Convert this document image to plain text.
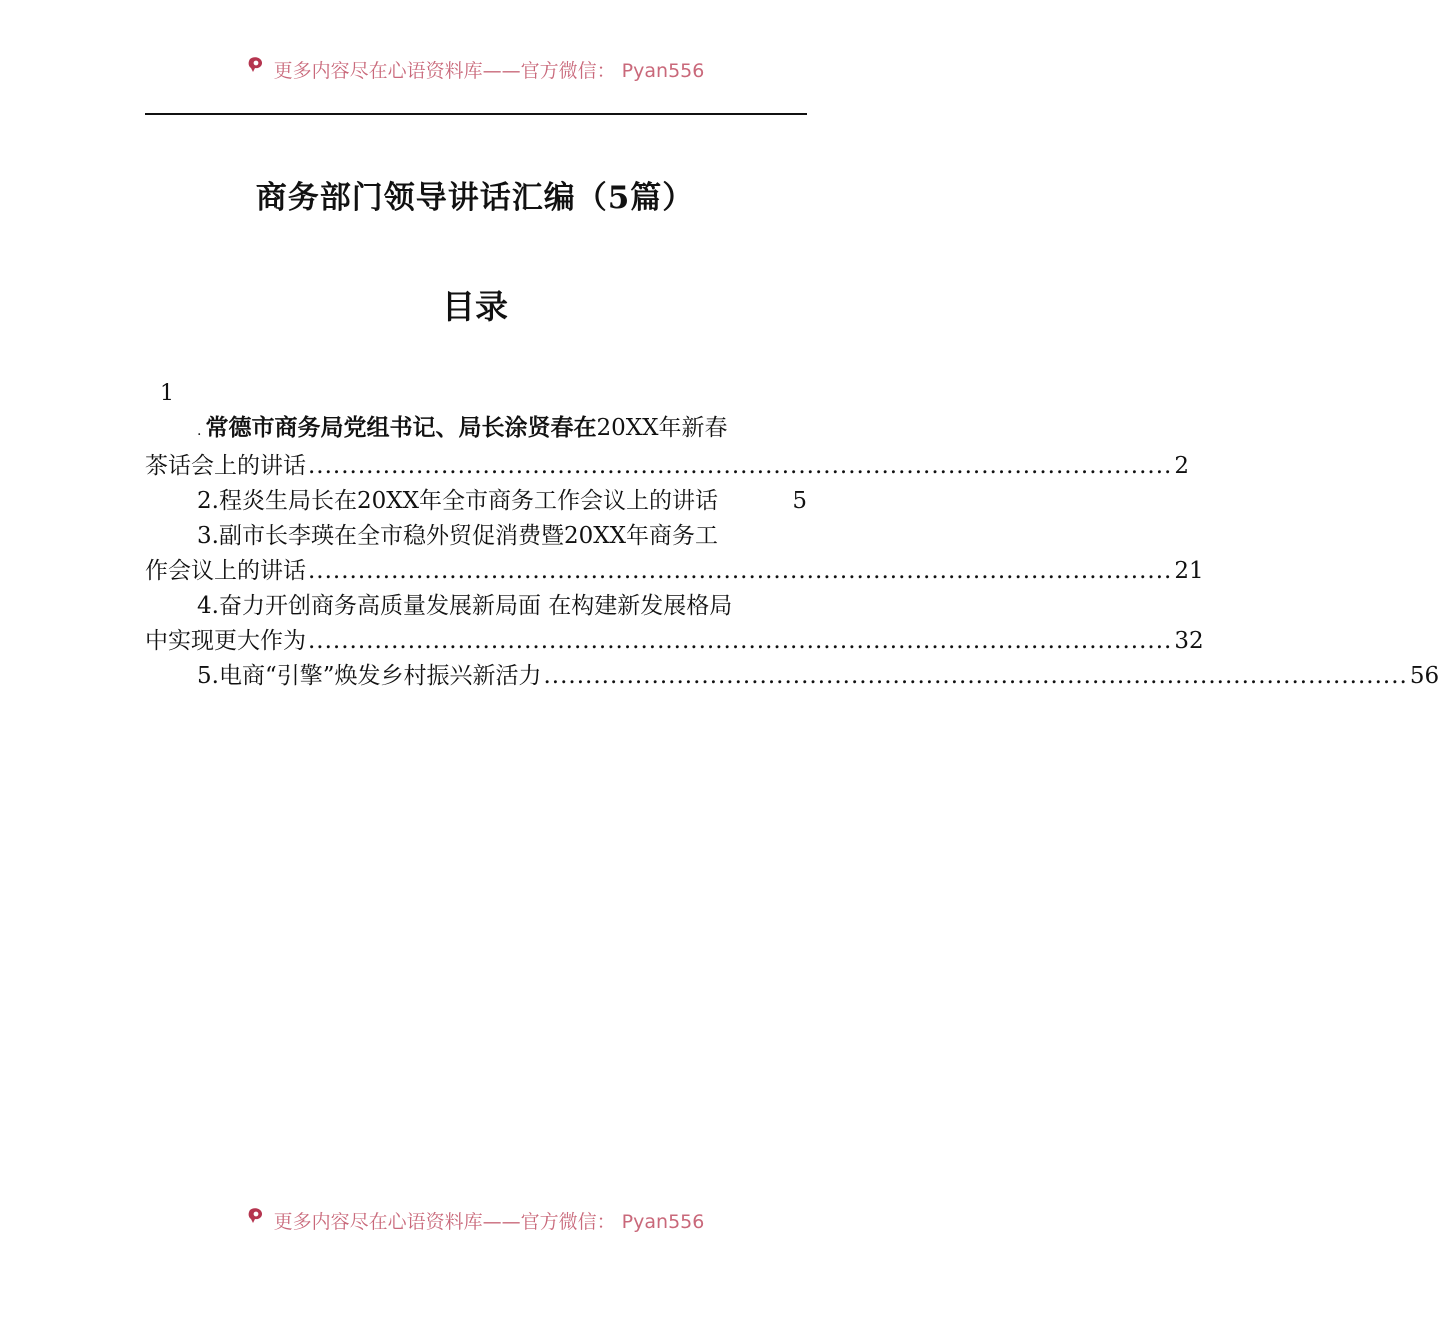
更多内容尽在心语资料库——官方微信： Pyan556
商务部门领导讲话汇编（5篇）
目录
1
. 常德市商务局党组书记、局长涂贤春在 20XX年新春
茶话会上的讲话 ........................................................................................................ 2
2.程炎生局长在20XX年全市商务工作会议上的讲话	5
3.副市长李瑛在全市稳外贸促消费暨20XX年商务工
作会议上的讲话 ........................................................................................................ 21
4.奋力开创商务高质量发展新局面 在构建新发展格局
中实现更大作为 ........................................................................................................ 32
5.电商“引擎”焕发乡村振兴新活力 ........................................................................................................ 56
更多内容尽在心语资料库——官方微信： Pyan556
